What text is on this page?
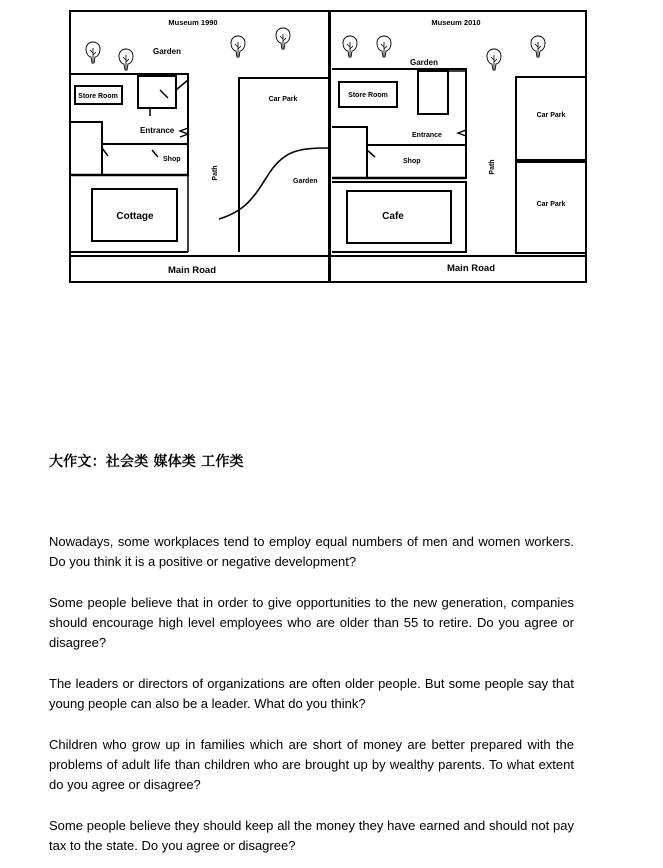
Museum 1990
Garden
Store Room
Entrance
Shop
Cottage
Path
Car Park
Garden
Main Road
Museum 2010
Garden
Store Room
Entrance
Shop
Cafe
Path
Car Park
Car Park
Main Road
大作文：社会类 媒体类 工作类

Nowadays, some workplaces tend to employ equal numbers of men and women workers. Do you think it is a positive or negative development?

Some people believe that in order to give opportunities to the new generation, companies should encourage high level employees who are older than 55 to retire. Do you agree or disagree?

The leaders or directors of organizations are often older people. But some people say that young people can also be a leader. What do you think?

Children who grow up in families which are short of money are better prepared with the problems of adult life than children who are brought up by wealthy parents. To what extent do you agree or disagree?

Some people believe they should keep all the money they have earned and should not pay tax to the state. Do you agree or disagree?
